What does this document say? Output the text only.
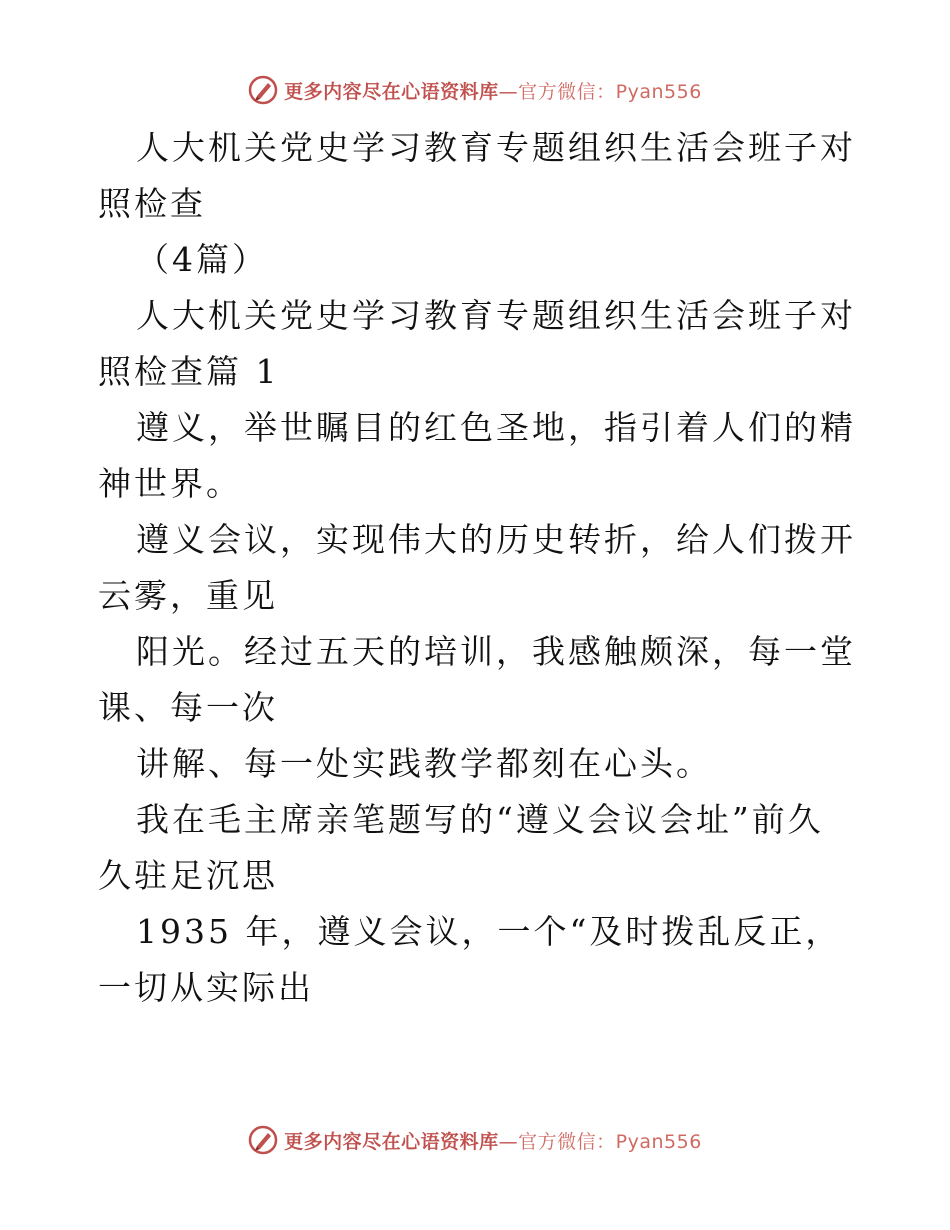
更多内容尽在心语资料库—官方微信：Pyan556

人大机关党史学习教育专题组织生活会班子对照检查

（4篇）

人大机关党史学习教育专题组织生活会班子对照检查篇 1

遵义，举世瞩目的红色圣地，指引着人们的精神世界。

遵义会议，实现伟大的历史转折，给人们拨开云雾，重见

阳光。经过五天的培训，我感触颇深，每一堂课、每一次

讲解、每一处实践教学都刻在心头。

我在毛主席亲笔题写的“遵义会议会址”前久久驻足沉思

1935 年，遵义会议，一个“及时拨乱反正，一切从实际出

更多内容尽在心语资料库—官方微信：Pyan556
